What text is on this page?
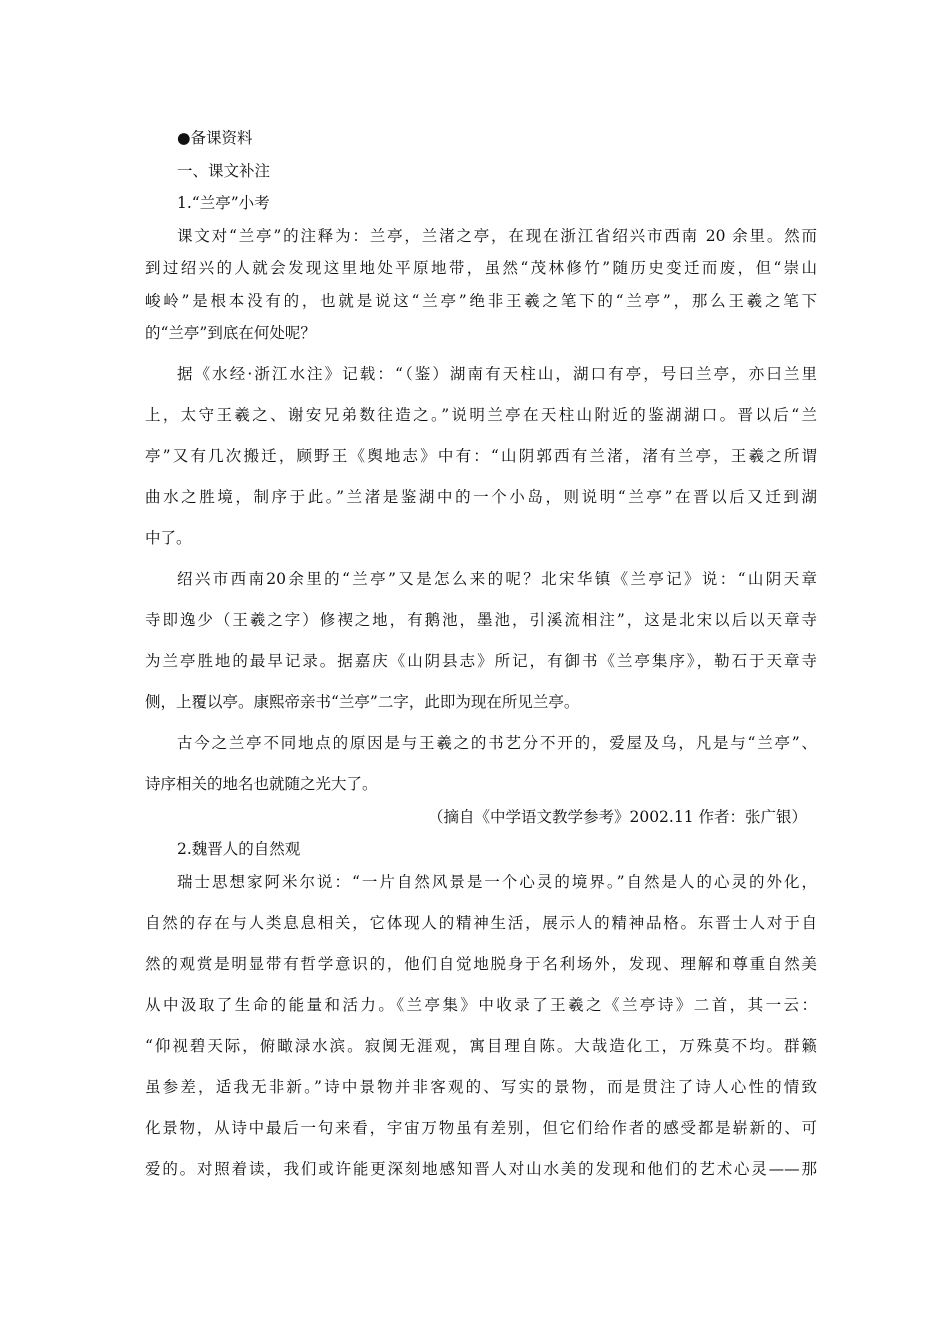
●备课资料
一、课文补注
1.“兰亭”小考
课文对“兰亭”的注释为：兰亭，兰渚之亭，在现在浙江省绍兴市西南 20 余里。然而
到过绍兴的人就会发现这里地处平原地带，虽然“茂林修竹”随历史变迁而废，但“崇山
峻岭”是根本没有的，也就是说这“兰亭”绝非王羲之笔下的“兰亭”，那么王羲之笔下
的“兰亭”到底在何处呢？
据《水经·浙江水注》记载：“（鉴）湖南有天柱山，湖口有亭，号曰兰亭，亦曰兰里
上，太守王羲之、谢安兄弟数往造之。”说明兰亭在天柱山附近的鉴湖湖口。晋以后“兰
亭”又有几次搬迁，顾野王《舆地志》中有：“山阴郭西有兰渚，渚有兰亭，王羲之所谓
曲水之胜境，制序于此。”兰渚是鉴湖中的一个小岛，则说明“兰亭”在晋以后又迁到湖
中了。
绍兴市西南20余里的“兰亭”又是怎么来的呢？北宋华镇《兰亭记》说：“山阴天章
寺即逸少（王羲之字）修禊之地，有鹅池，墨池，引溪流相注”，这是北宋以后以天章寺
为兰亭胜地的最早记录。据嘉庆《山阴县志》所记，有御书《兰亭集序》，勒石于天章寺
侧，上覆以亭。康熙帝亲书“兰亭”二字，此即为现在所见兰亭。
古今之兰亭不同地点的原因是与王羲之的书艺分不开的，爱屋及乌，凡是与“兰亭”、
诗序相关的地名也就随之光大了。
（摘自《中学语文教学参考》2002.11 作者：张广银）
2.魏晋人的自然观
瑞士思想家阿米尔说：“一片自然风景是一个心灵的境界。”自然是人的心灵的外化，
自然的存在与人类息息相关，它体现人的精神生活，展示人的精神品格。东晋士人对于自
然的观赏是明显带有哲学意识的，他们自觉地脱身于名利场外，发现、理解和尊重自然美
从中汲取了生命的能量和活力。《兰亭集》中收录了王羲之《兰亭诗》二首，其一云：
“仰视碧天际，俯瞰渌水滨。寂阒无涯观，寓目理自陈。大哉造化工，万殊莫不均。群籁
虽参差，适我无非新。”诗中景物并非客观的、写实的景物，而是贯注了诗人心性的情致
化景物，从诗中最后一句来看，宇宙万物虽有差别，但它们给作者的感受都是崭新的、可
爱的。对照着读，我们或许能更深刻地感知晋人对山水美的发现和他们的艺术心灵——那
